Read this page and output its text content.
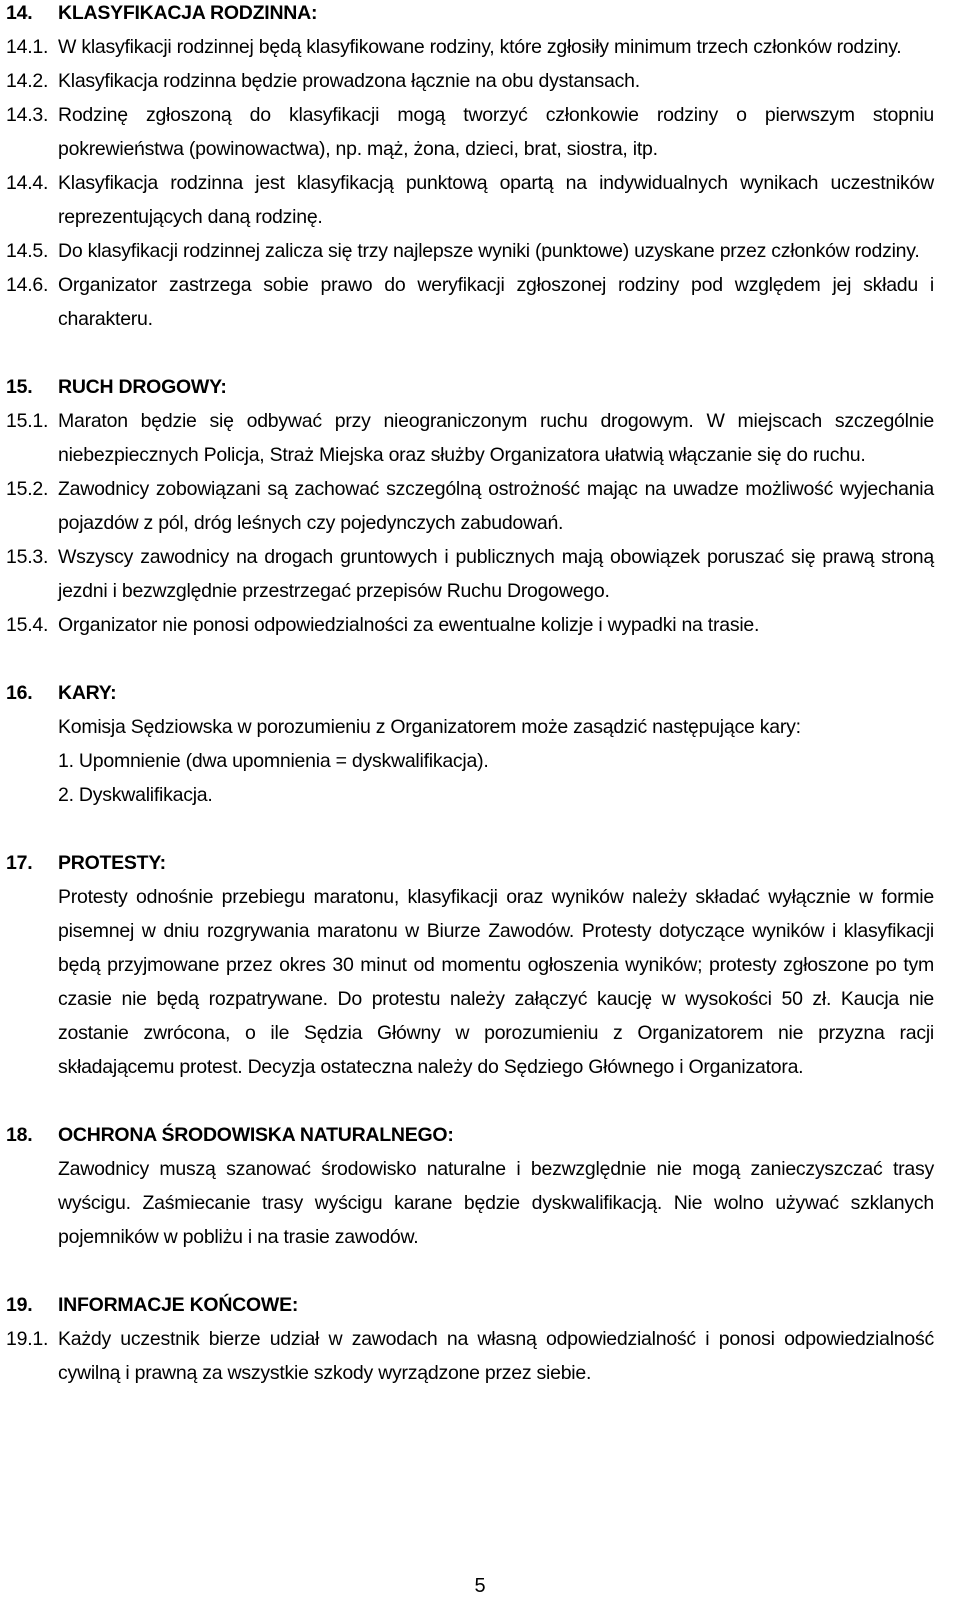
14. KLASYFIKACJA RODZINNA:
14.1. W klasyfikacji rodzinnej będą klasyfikowane rodziny, które zgłosiły minimum trzech członków rodziny.
14.2. Klasyfikacja rodzinna będzie prowadzona łącznie na obu dystansach.
14.3. Rodzinę zgłoszoną do klasyfikacji mogą tworzyć członkowie rodziny o pierwszym stopniu pokrewieństwa (powinowactwa), np. mąż, żona, dzieci, brat, siostra, itp.
14.4. Klasyfikacja rodzinna jest klasyfikacją punktową opartą na indywidualnych wynikach uczestników reprezentujących daną rodzinę.
14.5. Do klasyfikacji rodzinnej zalicza się trzy najlepsze wyniki (punktowe) uzyskane przez członków rodziny.
14.6. Organizator zastrzega sobie prawo do weryfikacji zgłoszonej rodziny pod względem jej składu i charakteru.
15. RUCH DROGOWY:
15.1. Maraton będzie się odbywać przy nieograniczonym ruchu drogowym. W miejscach szczególnie niebezpiecznych Policja, Straż Miejska oraz służby Organizatora ułatwią włączanie się do ruchu.
15.2. Zawodnicy zobowiązani są zachować szczególną ostrożność mając na uwadze możliwość wyjechania pojazdów z pól, dróg leśnych czy pojedynczych zabudowań.
15.3. Wszyscy zawodnicy na drogach gruntowych i publicznych mają obowiązek poruszać się prawą stroną jezdni i bezwzględnie przestrzegać przepisów Ruchu Drogowego.
15.4. Organizator nie ponosi odpowiedzialności za ewentualne kolizje i wypadki na trasie.
16. KARY:
Komisja Sędziowska w porozumieniu z Organizatorem może zasądzić następujące kary:
1. Upomnienie (dwa upomnienia = dyskwalifikacja).
2. Dyskwalifikacja.
17. PROTESTY:
Protesty odnośnie przebiegu maratonu, klasyfikacji oraz wyników należy składać wyłącznie w formie pisemnej w dniu rozgrywania maratonu w Biurze Zawodów. Protesty dotyczące wyników i klasyfikacji będą przyjmowane przez okres 30 minut od momentu ogłoszenia wyników; protesty zgłoszone po tym czasie nie będą rozpatrywane. Do protestu należy załączyć kaucję w wysokości 50 zł. Kaucja nie zostanie zwrócona, o ile Sędzia Główny w porozumieniu z Organizatorem nie przyzna racji składającemu protest. Decyzja ostateczna należy do Sędziego Głównego i Organizatora.
18. OCHRONA ŚRODOWISKA NATURALNEGO:
Zawodnicy muszą szanować środowisko naturalne i bezwzględnie nie mogą zanieczyszczać trasy wyścigu. Zaśmiecanie trasy wyścigu karane będzie dyskwalifikacją. Nie wolno używać szklanych pojemników w pobliżu i na trasie zawodów.
19. INFORMACJE KOŃCOWE:
19.1. Każdy uczestnik bierze udział w zawodach na własną odpowiedzialność i ponosi odpowiedzialność cywilną i prawną za wszystkie szkody wyrządzone przez siebie.
5
